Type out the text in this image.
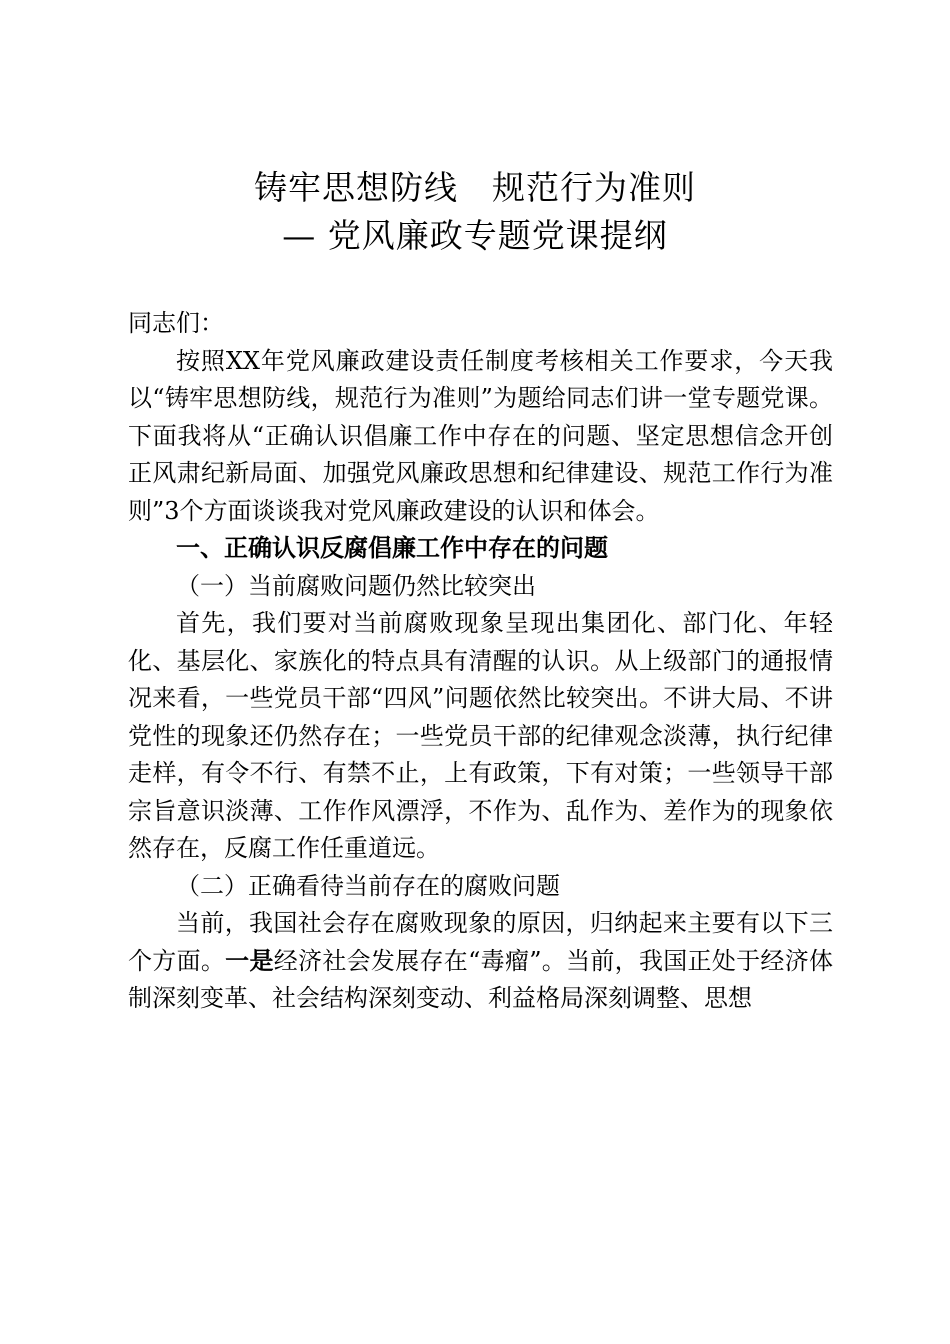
铸牢思想防线　规范行为准则
— 党风廉政专题党课提纲

同志们：

按照XX年党风廉政建设责任制度考核相关工作要求，今天我以“铸牢思想防线，规范行为准则”为题给同志们讲一堂专题党课。下面我将从“正确认识倡廉工作中存在的问题、坚定思想信念开创正风肃纪新局面、加强党风廉政思想和纪律建设、规范工作行为准则”3个方面谈谈我对党风廉政建设的认识和体会。

一、正确认识反腐倡廉工作中存在的问题

（一）当前腐败问题仍然比较突出

首先，我们要对当前腐败现象呈现出集团化、部门化、年轻化、基层化、家族化的特点具有清醒的认识。从上级部门的通报情况来看，一些党员干部“四风”问题依然比较突出。不讲大局、不讲党性的现象还仍然存在；一些党员干部的纪律观念淡薄，执行纪律走样，有令不行、有禁不止，上有政策，下有对策；一些领导干部宗旨意识淡薄、工作作风漂浮，不作为、乱作为、差作为的现象依然存在，反腐工作任重道远。

（二）正确看待当前存在的腐败问题

当前，我国社会存在腐败现象的原因，归纳起来主要有以下三个方面。一是经济社会发展存在“毒瘤”。当前，我国正处于经济体制深刻变革、社会结构深刻变动、利益格局深刻调整、思想
